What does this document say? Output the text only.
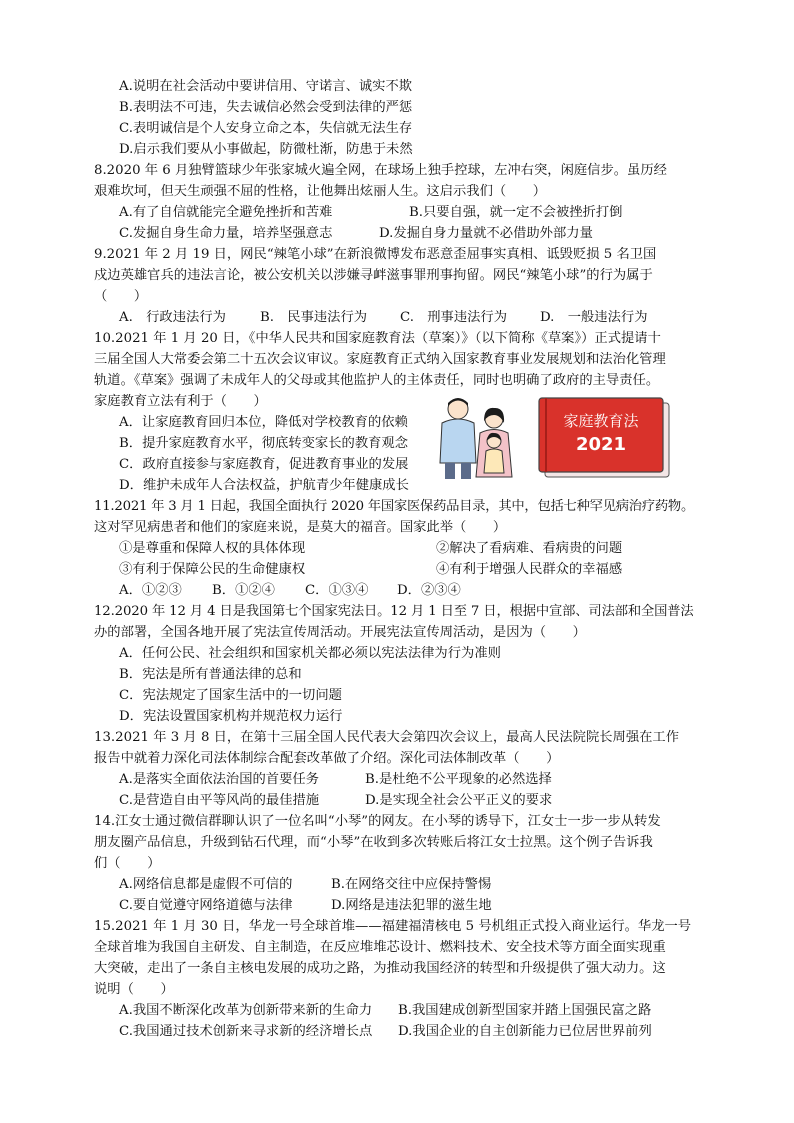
A.说明在社会活动中要讲信用、守诺言、诚实不欺
B.表明法不可违，失去诚信必然会受到法律的严惩
C.表明诚信是个人安身立命之本，失信就无法生存
D.启示我们要从小事做起，防微杜渐，防患于未然
8.2020 年 6 月独臂篮球少年张家城火遍全网，在球场上独手控球，左冲右突，闲庭信步。虽历经
艰难坎坷，但天生顽强不屈的性格，让他舞出炫丽人生。这启示我们（　　）
A.有了自信就能完全避免挫折和苦难	B.只要自强，就一定不会被挫折打倒
C.发掘自身生命力量，培养坚强意志	D.发掘自身力量就不必借助外部力量
9.2021 年 2 月 19 日，网民“辣笔小球”在新浪微博发布恶意歪屈事实真相、诋毁贬损 5 名卫国
戍边英雄官兵的违法言论，被公安机关以涉嫌寻衅滋事罪刑事拘留。网民“辣笔小球”的行为属于
（　　）
A.　行政违法行为	B.　民事违法行为 C.　刑事违法行为 D.　一般违法行为
10.2021 年 1 月 20 日，《中华人民共和国家庭教育法（草案）》（以下简称《草案》）正式提请十
三届全国人大常委会第二十五次会议审议。家庭教育正式纳入国家教育事业发展规划和法治化管理
轨道。《草案》强调了未成年人的父母或其他监护人的主体责任，同时也明确了政府的主导责任。
家庭教育立法有利于（　　）
A．让家庭教育回归本位，降低对学校教育的依赖
B．提升家庭教育水平，彻底转变家长的教育观念
C．政府直接参与家庭教育，促进教育事业的发展
D．维护未成年人合法权益，护航青少年健康成长
家庭教育法
2021
11.2021 年 3 月 1 日起，我国全面执行 2020 年国家医保药品目录，其中，包括七种罕见病治疗药物。
这对罕见病患者和他们的家庭来说，是莫大的福音。国家此举（　　）
①是尊重和保障人权的具体体现	②解决了看病难、看病贵的问题
③有利于保障公民的生命健康权	④有利于增强人民群众的幸福感
A．①②③ B．①②④ C．①③④ D．②③④
12.2020 年 12 月 4 日是我国第七个国家宪法日。12 月 1 日至 7 日，根据中宣部、司法部和全国普法
办的部署，全国各地开展了宪法宣传周活动。开展宪法宣传周活动，是因为（　　）
A．任何公民、社会组织和国家机关都必须以宪法法律为行为准则
B．宪法是所有普通法律的总和
C．宪法规定了国家生活中的一切问题
D．宪法设置国家机构并规范权力运行
13.2021 年 3 月 8 日，在第十三届全国人民代表大会第四次会议上，最高人民法院院长周强在工作
报告中就着力深化司法体制综合配套改革做了介绍。深化司法体制改革（　　）
A.是落实全面依法治国的首要任务	B.是杜绝不公平现象的必然选择
C.是营造自由平等风尚的最佳措施	D.是实现全社会公平正义的要求
14.江女士通过微信群聊认识了一位名叫“小琴”的网友。在小琴的诱导下，江女士一步一步从转发
朋友圈产品信息，升级到钻石代理，而“小琴”在收到多次转账后将江女士拉黑。这个例子告诉我
们（　　）
A.网络信息都是虚假不可信的	B.在网络交往中应保持警惕
C.要自觉遵守网络道德与法律	D.网络是违法犯罪的滋生地
15.2021 年 1 月 30 日，华龙一号全球首堆——福建福清核电 5 号机组正式投入商业运行。华龙一号
全球首堆为我国自主研发、自主制造，在反应堆堆芯设计、燃料技术、安全技术等方面全面实现重
大突破，走出了一条自主核电发展的成功之路，为推动我国经济的转型和升级提供了强大动力。这
说明（　　）
A.我国不断深化改革为创新带来新的生命力 B.我国建成创新型国家并踏上国强民富之路
C.我国通过技术创新来寻求新的经济增长点 D.我国企业的自主创新能力已位居世界前列
